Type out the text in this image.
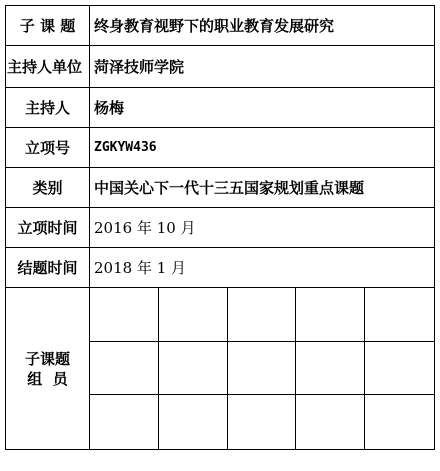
子 课 题	终身教育视野下的职业教育发展研究
主持人单位 菏泽技师学院
主持人	杨梅
立项号	ZGKYW436
类别	中国关心下一代十三五国家规划重点课题
立项时间	2016 年 10 月
结题时间	2018 年 1 月
子课题
组  员
